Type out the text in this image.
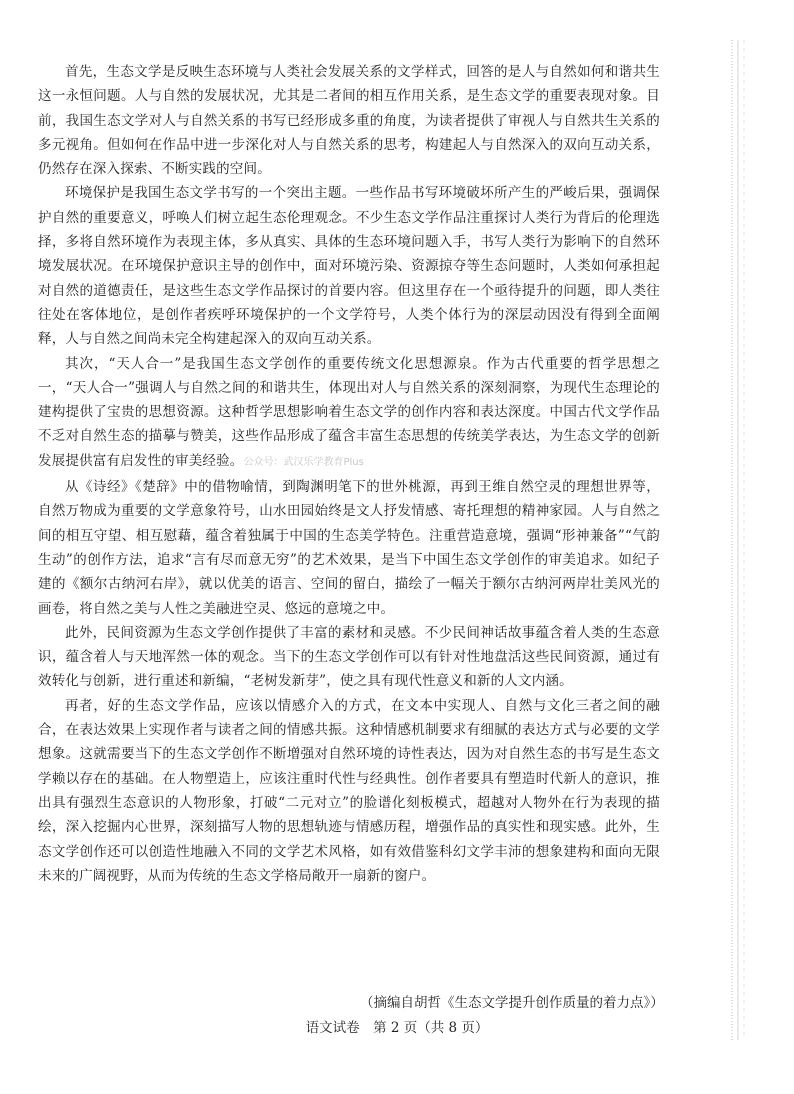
首先，生态文学是反映生态环境与人类社会发展关系的文学样式，回答的是人与自然如何和谐共生这一永恒问题。人与自然的发展状况，尤其是二者间的相互作用关系，是生态文学的重要表现对象。目前，我国生态文学对人与自然关系的书写已经形成多重的角度，为读者提供了审视人与自然共生关系的多元视角。但如何在作品中进一步深化对人与自然关系的思考，构建起人与自然深入的双向互动关系，仍然存在深入探索、不断实践的空间。

环境保护是我国生态文学书写的一个突出主题。一些作品书写环境破坏所产生的严峻后果，强调保护自然的重要意义，呼唤人们树立起生态伦理观念。不少生态文学作品注重探讨人类行为背后的伦理选择，多将自然环境作为表现主体，多从真实、具体的生态环境问题入手，书写人类行为影响下的自然环境发展状况。在环境保护意识主导的创作中，面对环境污染、资源掠夺等生态问题时，人类如何承担起对自然的道德责任，是这些生态文学作品探讨的首要内容。但这里存在一个亟待提升的问题，即人类往往处在客体地位，是创作者疾呼环境保护的一个文学符号，人类个体行为的深层动因没有得到全面阐释，人与自然之间尚未完全构建起深入的双向互动关系。

其次，“天人合一”是我国生态文学创作的重要传统文化思想源泉。作为古代重要的哲学思想之一，“天人合一”强调人与自然之间的和谐共生，体现出对人与自然关系的深刻洞察，为现代生态理论的建构提供了宝贵的思想资源。这种哲学思想影响着生态文学的创作内容和表达深度。中国古代文学作品不乏对自然生态的描摹与赞美，这些作品形成了蕴含丰富生态思想的传统美学表达，为生态文学的创新发展提供富有启发性的审美经验。公众号：武汉乐学教育Plus

从《诗经》《楚辞》中的借物喻情，到陶渊明笔下的世外桃源，再到王维自然空灵的理想世界等，自然万物成为重要的文学意象符号，山水田园始终是文人抒发情感、寄托理想的精神家园。人与自然之间的相互守望、相互慰藉，蕴含着独属于中国的生态美学特色。注重营造意境，强调“形神兼备”“气韵生动”的创作方法，追求“言有尽而意无穷”的艺术效果，是当下中国生态文学创作的审美追求。如纪子建的《额尔古纳河右岸》，就以优美的语言、空间的留白，描绘了一幅关于额尔古纳河两岸壮美风光的画卷，将自然之美与人性之美融进空灵、悠远的意境之中。

此外，民间资源为生态文学创作提供了丰富的素材和灵感。不少民间神话故事蕴含着人类的生态意识，蕴含着人与天地浑然一体的观念。当下的生态文学创作可以有针对性地盘活这些民间资源，通过有效转化与创新，进行重述和新编，“老树发新芽”，使之具有现代性意义和新的人文内涵。

再者，好的生态文学作品，应该以情感介入的方式，在文本中实现人、自然与文化三者之间的融合，在表达效果上实现作者与读者之间的情感共振。这种情感机制要求有细腻的表达方式与必要的文学想象。这就需要当下的生态文学创作不断增强对自然环境的诗性表达，因为对自然生态的书写是生态文学赖以存在的基础。在人物塑造上，应该注重时代性与经典性。创作者要具有塑造时代新人的意识，推出具有强烈生态意识的人物形象，打破“二元对立”的脸谱化刻板模式，超越对人物外在行为表现的描绘，深入挖掘内心世界，深刻描写人物的思想轨迹与情感历程，增强作品的真实性和现实感。此外，生态文学创作还可以创造性地融入不同的文学艺术风格，如有效借鉴科幻文学丰沛的想象建构和面向无限未来的广阔视野，从而为传统的生态文学格局敞开一扇新的窗户。

（摘编自胡哲《生态文学提升创作质量的着力点》）
语文试卷　第 2 页（共 8 页）
